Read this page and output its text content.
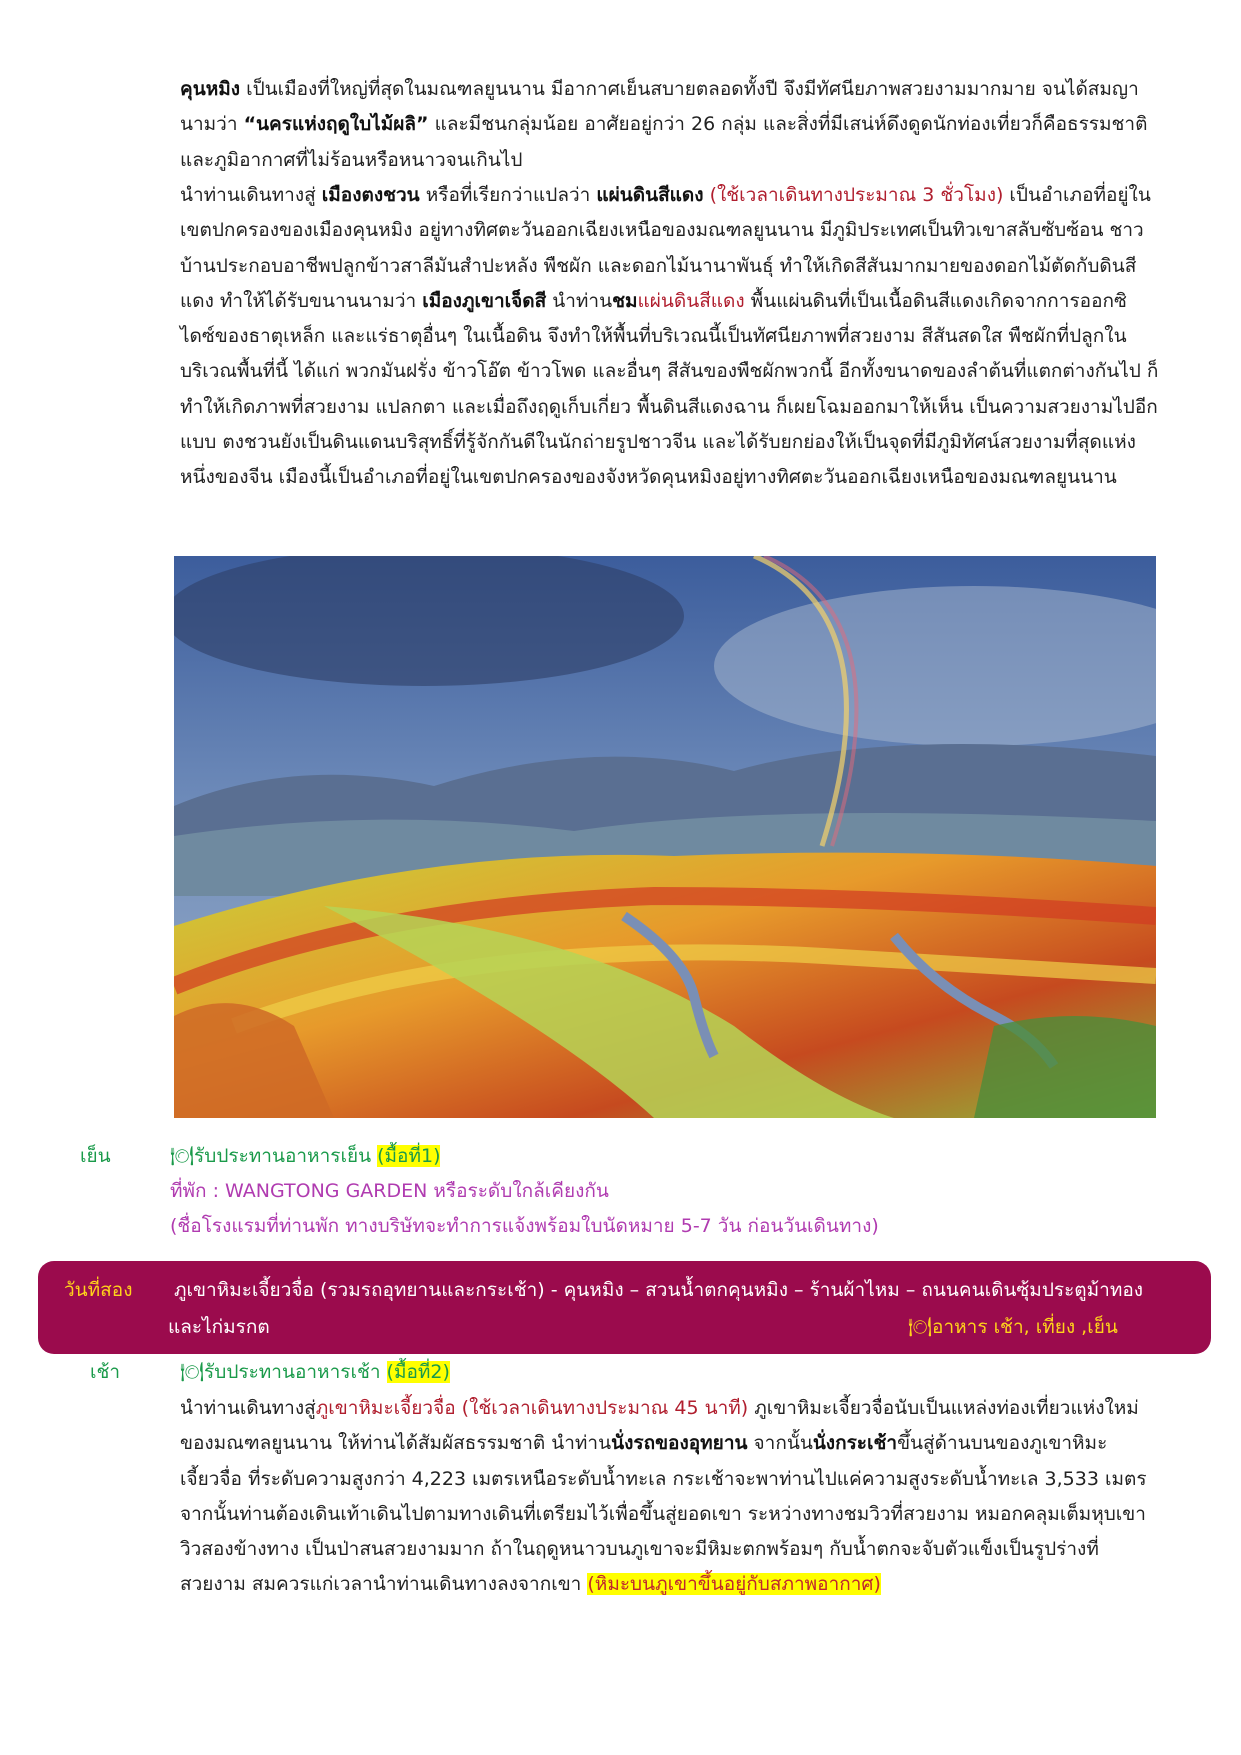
คุนหมิง เป็นเมืองที่ใหญ่ที่สุดในมณฑลยูนนาน มีอากาศเย็นสบายตลอดทั้งปี จึงมีทัศนียภาพสวยงามมากมาย จนได้สมญานามว่า “นครแห่งฤดูใบไม้ผลิ” และมีชนกลุ่มน้อย อาศัยอยู่กว่า 26 กลุ่ม และสิ่งที่มีเสน่ห์ดึงดูดนักท่องเที่ยวก็คือธรรมชาติและภูมิอากาศที่ไม่ร้อนหรือหนาวจนเกินไป
นำท่านเดินทางสู่ เมืองตงชวน หรือที่เรียกว่าแปลว่า แผ่นดินสีแดง (ใช้เวลาเดินทางประมาณ 3 ชั่วโมง) เป็นอำเภอที่อยู่ในเขตปกครองของเมืองคุนหมิง อยู่ทางทิศตะวันออกเฉียงเหนือของมณฑลยูนนาน มีภูมิประเทศเป็นทิวเขาสลับซับซ้อน ชาวบ้านประกอบอาชีพปลูกข้าวสาลีมันสำปะหลัง พืชผัก และดอกไม้นานาพันธุ์ ทำให้เกิดสีสันมากมายของดอกไม้ตัดกับดินสีแดง ทำให้ได้รับขนานนามว่า เมืองภูเขาเจ็ดสี นำท่านชมแผ่นดินสีแดง พื้นแผ่นดินที่เป็นเนื้อดินสีแดงเกิดจากการออกซิไดซ์ของธาตุเหล็ก และแร่ธาตุอื่นๆ ในเนื้อดิน จึงทำให้พื้นที่บริเวณนี้เป็นทัศนียภาพที่สวยงาม สีสันสดใส พืชผักที่ปลูกในบริเวณพื้นที่นี้ ได้แก่ พวกมันฝรั่ง ข้าวโอ๊ต ข้าวโพด และอื่นๆ สีสันของพืชผักพวกนี้ อีกทั้งขนาดของลำต้นที่แตกต่างกันไป ก็ทำให้เกิดภาพที่สวยงาม แปลกตา และเมื่อถึงฤดูเก็บเกี่ยว พื้นดินสีแดงฉาน ก็เผยโฉมออกมาให้เห็น เป็นความสวยงามไปอีกแบบ ตงชวนยังเป็นดินแดนบริสุทธิ์ที่รู้จักกันดีในนักถ่ายรูปชาวจีน และได้รับยกย่องให้เป็นจุดที่มีภูมิทัศน์สวยงามที่สุดแห่งหนึ่งของจีน เมืองนี้เป็นอำเภอที่อยู่ในเขตปกครองของจังหวัดคุนหมิงอยู่ทางทิศตะวันออกเฉียงเหนือของมณฑลยูนนาน
เย็น	🍽 รับประทานอาหารเย็น (มื้อที่1)
ที่พัก : WANGTONG GARDEN หรือระดับใกล้เคียงกัน
(ชื่อโรงแรมที่ท่านพัก ทางบริษัทจะทำการแจ้งพร้อมใบนัดหมาย 5-7 วัน ก่อนวันเดินทาง)
วันที่สอง ภูเขาหิมะเจี้ยวจื่อ (รวมรถอุทยานและกระเช้า) - คุนหมิง – สวนน้ำตกคุนหมิง – ร้านผ้าไหม – ถนนคนเดินซุ้มประตูม้าทอง
และไก่มรกต	🍽 อาหาร เช้า, เที่ยง ,เย็น
เช้า	🍽 รับประทานอาหารเช้า (มื้อที่2)
นำท่านเดินทางสู่ภูเขาหิมะเจี้ยวจื่อ (ใช้เวลาเดินทางประมาณ 45 นาที) ภูเขาหิมะเจี้ยวจื่อนับเป็นแหล่งท่องเที่ยวแห่งใหม่ของมณฑลยูนนาน ให้ท่านได้สัมผัสธรรมชาติ นำท่านนั่งรถของอุทยาน จากนั้นนั่งกระเช้าขึ้นสู่ด้านบนของภูเขาหิมะเจี้ยวจื่อ ที่ระดับความสูงกว่า 4,223 เมตรเหนือระดับน้ำทะเล กระเช้าจะพาท่านไปแค่ความสูงระดับน้ำทะเล 3,533 เมตร จากนั้นท่านต้องเดินเท้าเดินไปตามทางเดินที่เตรียมไว้เพื่อขึ้นสู่ยอดเขา ระหว่างทางชมวิวที่สวยงาม หมอกคลุมเต็มหุบเขาวิวสองข้างทาง เป็นป่าสนสวยงามมาก ถ้าในฤดูหนาวบนภูเขาจะมีหิมะตกพร้อมๆ กับน้ำตกจะจับตัวแข็งเป็นรูปร่างที่สวยงาม สมควรแก่เวลานำท่านเดินทางลงจากเขา (หิมะบนภูเขาขึ้นอยู่กับสภาพอากาศ)
